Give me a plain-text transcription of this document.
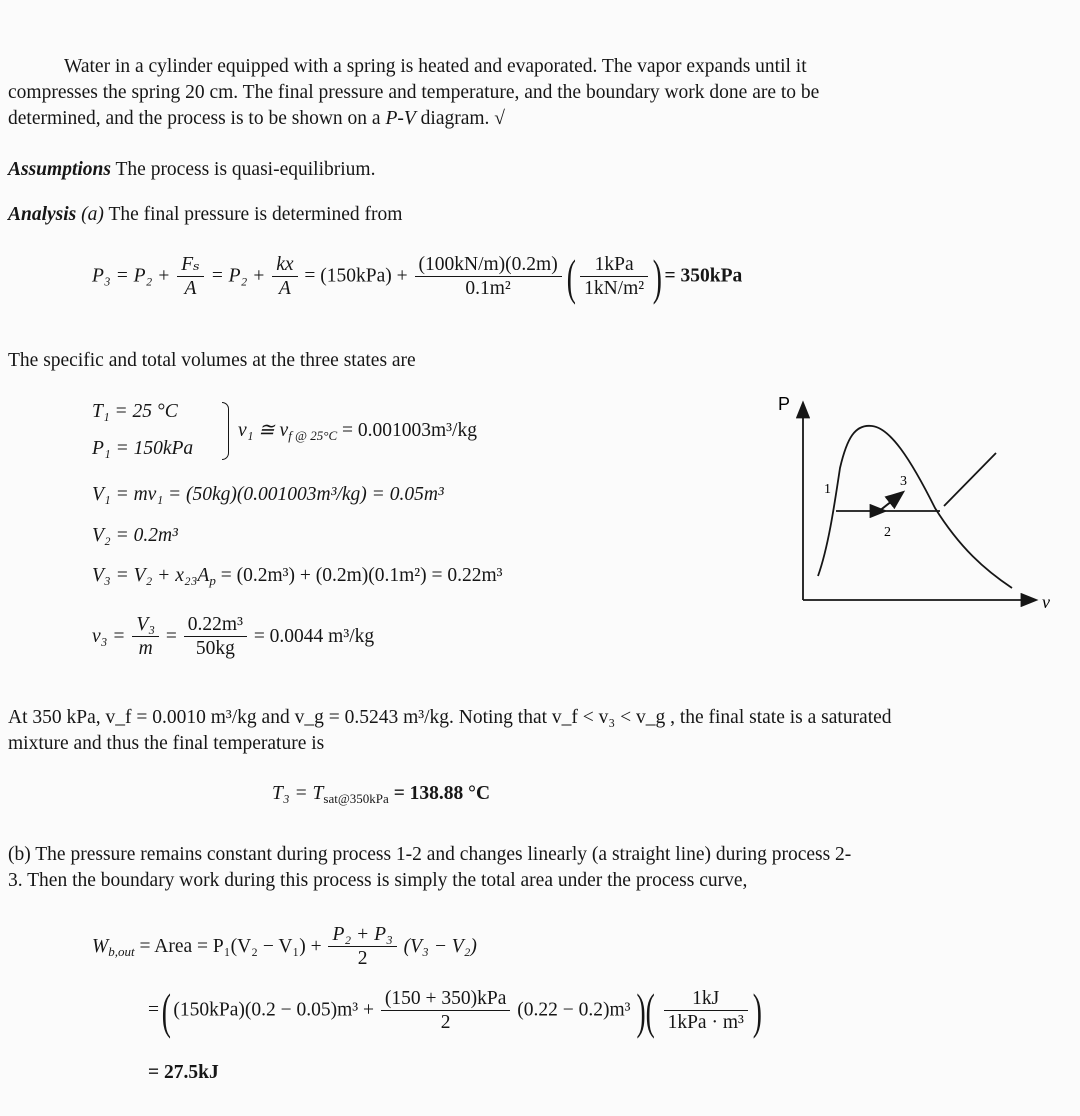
Water in a cylinder equipped with a spring is heated and evaporated. The vapor expands until it
compresses the spring 20 cm. The final pressure and temperature, and the boundary work done are to be
determined, and the process is to be shown on a P-V diagram. √
Assumptions The process is quasi-equilibrium.
Analysis (a) The final pressure is determined from
$P_3 = P_2 + \frac{\text{Fₛ}}{A} = P_2 + \frac{kx}{A} = (150kPa) + \frac{(100kN/m)(0.2m)}{\text{0.1m²}}$ ( $\frac{\text{1kPa}}{\text{1kN/m²}}$ ) = 350kPa
The specific and total volumes at the three states are
T₁ = 25 °C
P₁ = 150kPa
v₁ ≅ $v_{f @ 25^\circ C} = 0.001003m^3/kg$
V₁ = mv₁ = (50kg)(0.001003m³/kg) = 0.05m³
V₂ = 0.2m³
$V_3 = V_2 + x_{23}A_p = (0.2m^3) + (0.2m)(0.1m^2) = 0.22m^3$
$v_3 = \frac{\text{V₃}}{m} = \frac{\text{0.22m³}}{50kg} = 0.0044$ m³/kg
At 350 kPa, v_f = 0.0010 m³/kg and v_g = 0.5243 m³/kg. Noting that v_f < v₃ < v_g , the final state is a saturated
mixture and thus the final temperature is
$T_3 = T_{sat@350kPa} = 138.88$ °C
(b) The pressure remains constant during process 1-2 and changes linearly (a straight line) during process 2-
3. Then the boundary work during this process is simply the total area under the process curve,
$W_{b,out}$ = Area = $P_1(V_2 - V_1) + \frac{\text{P₂ + P₃}}{2} (V_3 - V_2)$
= ( $(150kPa)(0.2 - 0.05)m^3 + \frac{\text{(150 + 350)kPa}}{2} (0.22 - 0.2)m^3$ )( $\frac{1kJ}{\text{1kPa · m³}}$ )
= 27.5kJ
P
v
1
2
3
